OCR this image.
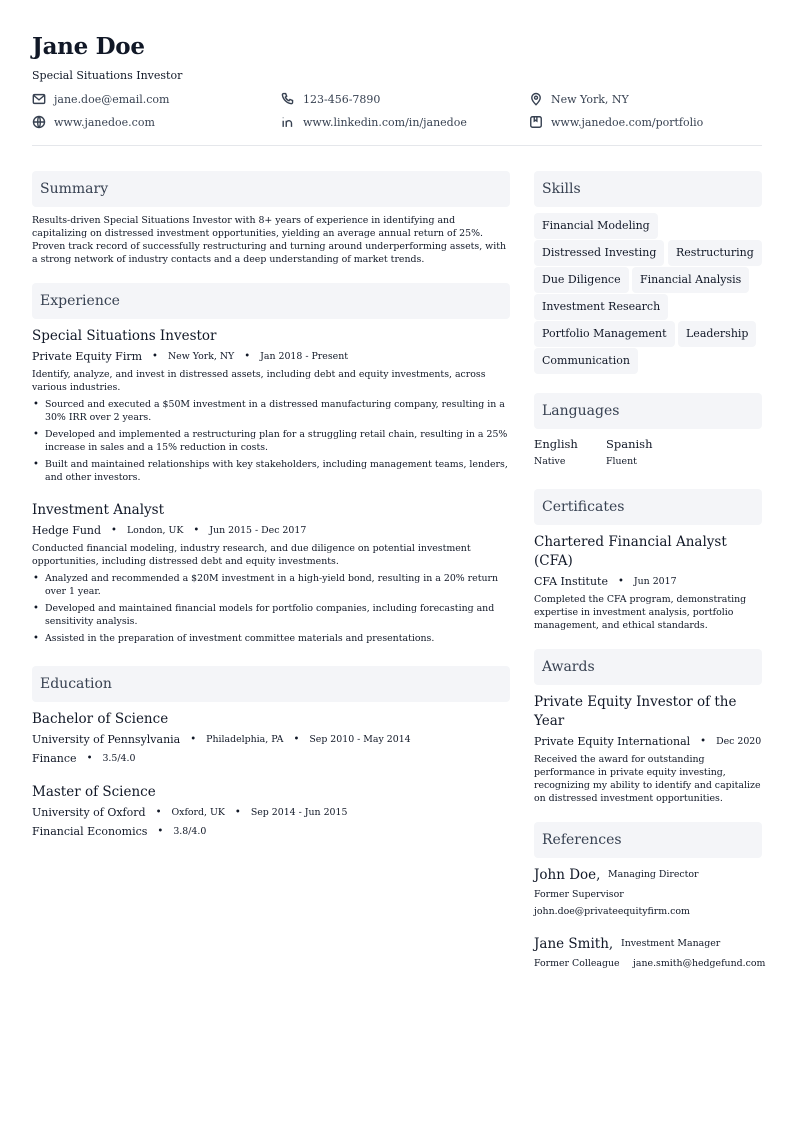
Jane Doe
Special Situations Investor
jane.doe@email.com	123-456-7890	New York, NY
www.janedoe.com	www.linkedin.com/in/janedoe	www.janedoe.com/portfolio
Summary
Results-driven Special Situations Investor with 8+ years of experience in identifying and capitalizing on distressed investment opportunities, yielding an average annual return of 25%. Proven track record of successfully restructuring and turning around underperforming assets, with a strong network of industry contacts and a deep understanding of market trends.
Experience
Special Situations Investor
Private Equity Firm • New York, NY • Jan 2018 - Present
Identify, analyze, and invest in distressed assets, including debt and equity investments, across various industries.
• Sourced and executed a $50M investment in a distressed manufacturing company, resulting in a 30% IRR over 2 years.
• Developed and implemented a restructuring plan for a struggling retail chain, resulting in a 25% increase in sales and a 15% reduction in costs.
• Built and maintained relationships with key stakeholders, including management teams, lenders, and other investors.
Investment Analyst
Hedge Fund • London, UK • Jun 2015 - Dec 2017
Conducted financial modeling, industry research, and due diligence on potential investment opportunities, including distressed debt and equity investments.
• Analyzed and recommended a $20M investment in a high-yield bond, resulting in a 20% return over 1 year.
• Developed and maintained financial models for portfolio companies, including forecasting and sensitivity analysis.
• Assisted in the preparation of investment committee materials and presentations.
Education
Bachelor of Science
University of Pennsylvania • Philadelphia, PA • Sep 2010 - May 2014
Finance • 3.5/4.0
Master of Science
University of Oxford • Oxford, UK • Sep 2014 - Jun 2015
Financial Economics • 3.8/4.0
Skills
Financial Modeling
Distressed Investing	Restructuring
Due Diligence	Financial Analysis
Investment Research
Portfolio Management	Leadership
Communication
Languages
English
Native
Spanish
Fluent
Certificates
Chartered Financial Analyst (CFA)
CFA Institute • Jun 2017
Completed the CFA program, demonstrating expertise in investment analysis, portfolio management, and ethical standards.
Awards
Private Equity Investor of the Year
Private Equity International • Dec 2020
Received the award for outstanding performance in private equity investing, recognizing my ability to identify and capitalize on distressed investment opportunities.
References
John Doe, Managing Director
Former Supervisor
john.doe@privateequityfirm.com
Jane Smith, Investment Manager
Former Colleague jane.smith@hedgefund.com
